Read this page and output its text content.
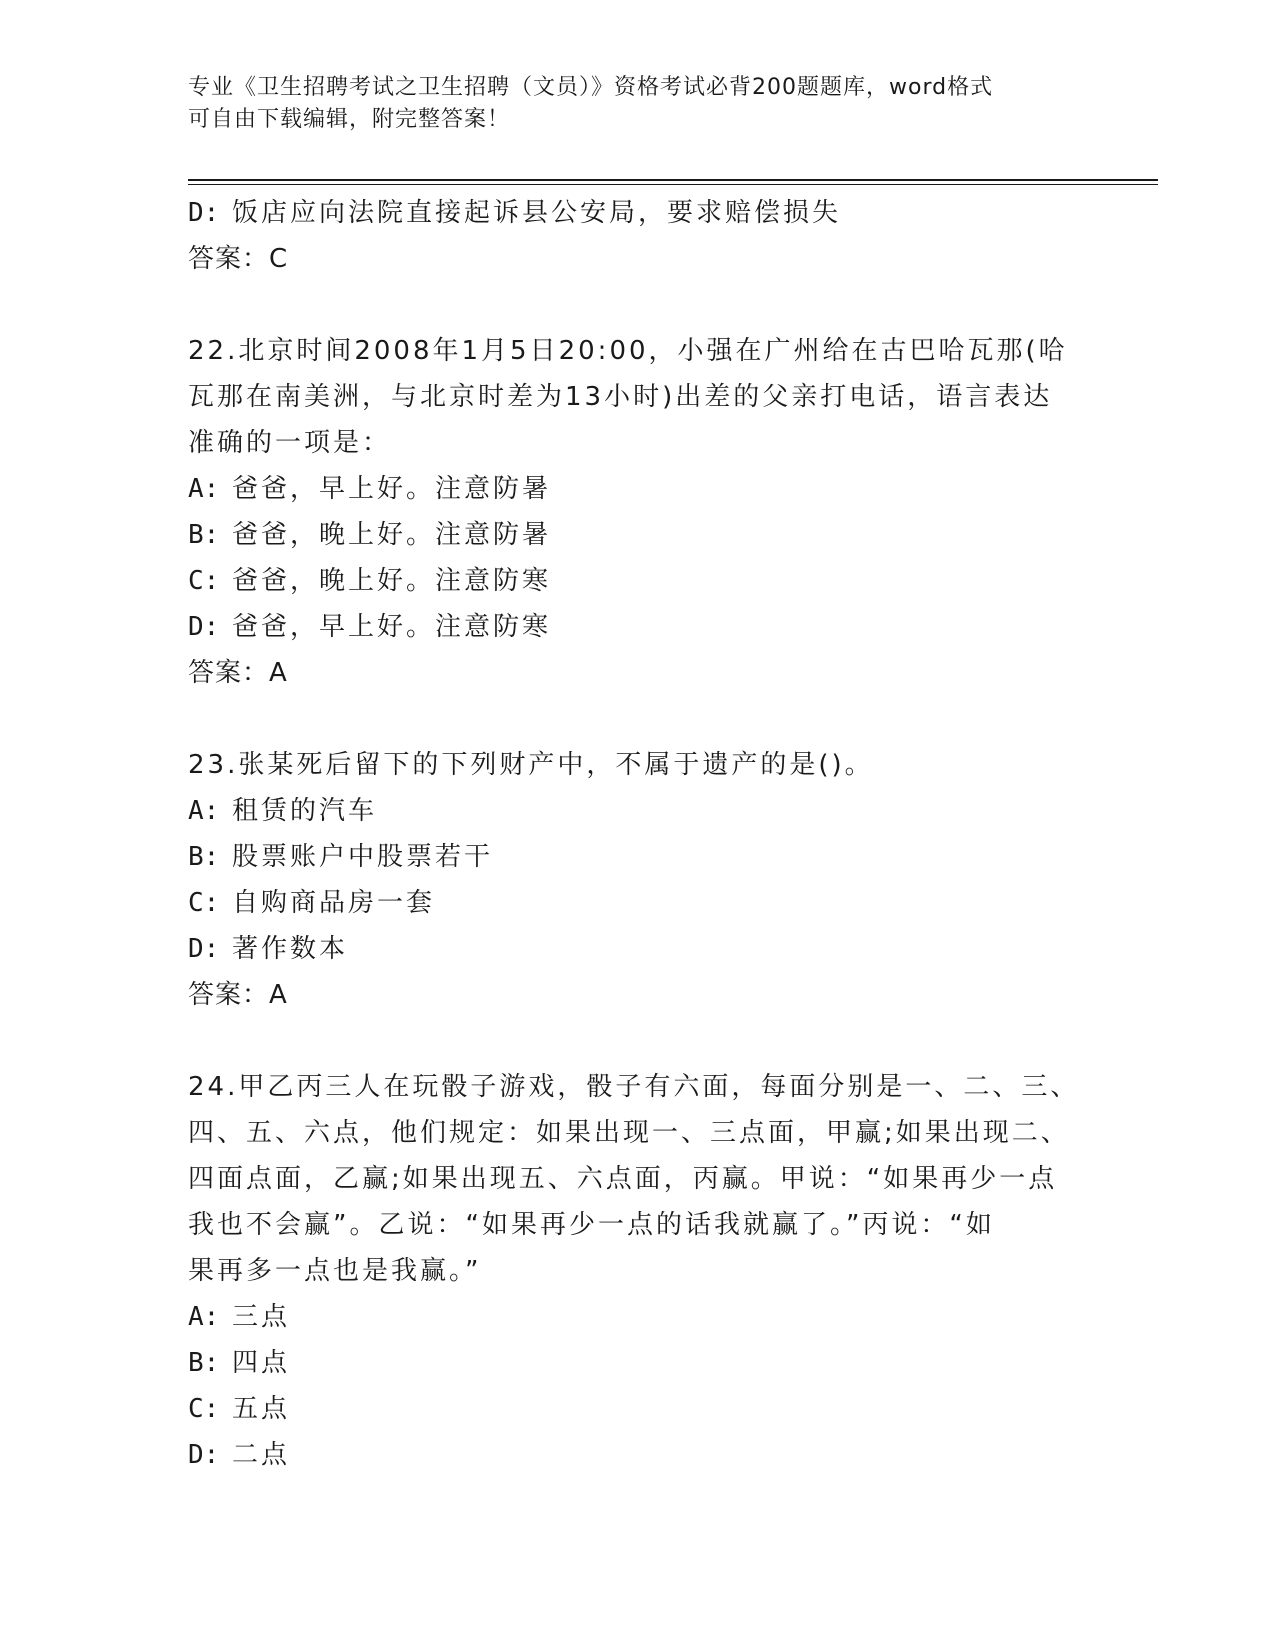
专业《卫生招聘考试之卫生招聘（文员）》资格考试必背200题题库，word格式
可自由下载编辑，附完整答案！
D: 饭店应向法院直接起诉县公安局，要求赔偿损失
答案：C
22.北京时间2008年1月5日20:00，小强在广州给在古巴哈瓦那(哈
瓦那在南美洲，与北京时差为13小时)出差的父亲打电话，语言表达
准确的一项是：
A: 爸爸，早上好。注意防暑
B: 爸爸，晚上好。注意防暑
C: 爸爸，晚上好。注意防寒
D: 爸爸，早上好。注意防寒
答案：A
23.张某死后留下的下列财产中，不属于遗产的是()。
A: 租赁的汽车
B: 股票账户中股票若干
C: 自购商品房一套
D: 著作数本
答案：A
24.甲乙丙三人在玩骰子游戏，骰子有六面，每面分别是一、二、三、
四、五、六点，他们规定：如果出现一、三点面，甲赢;如果出现二、
四面点面，乙赢;如果出现五、六点面，丙赢。甲说：“如果再少一点
我也不会赢”。乙说：“如果再少一点的话我就赢了。”丙说：“如
果再多一点也是我赢。”
A: 三点
B: 四点
C: 五点
D: 二点
